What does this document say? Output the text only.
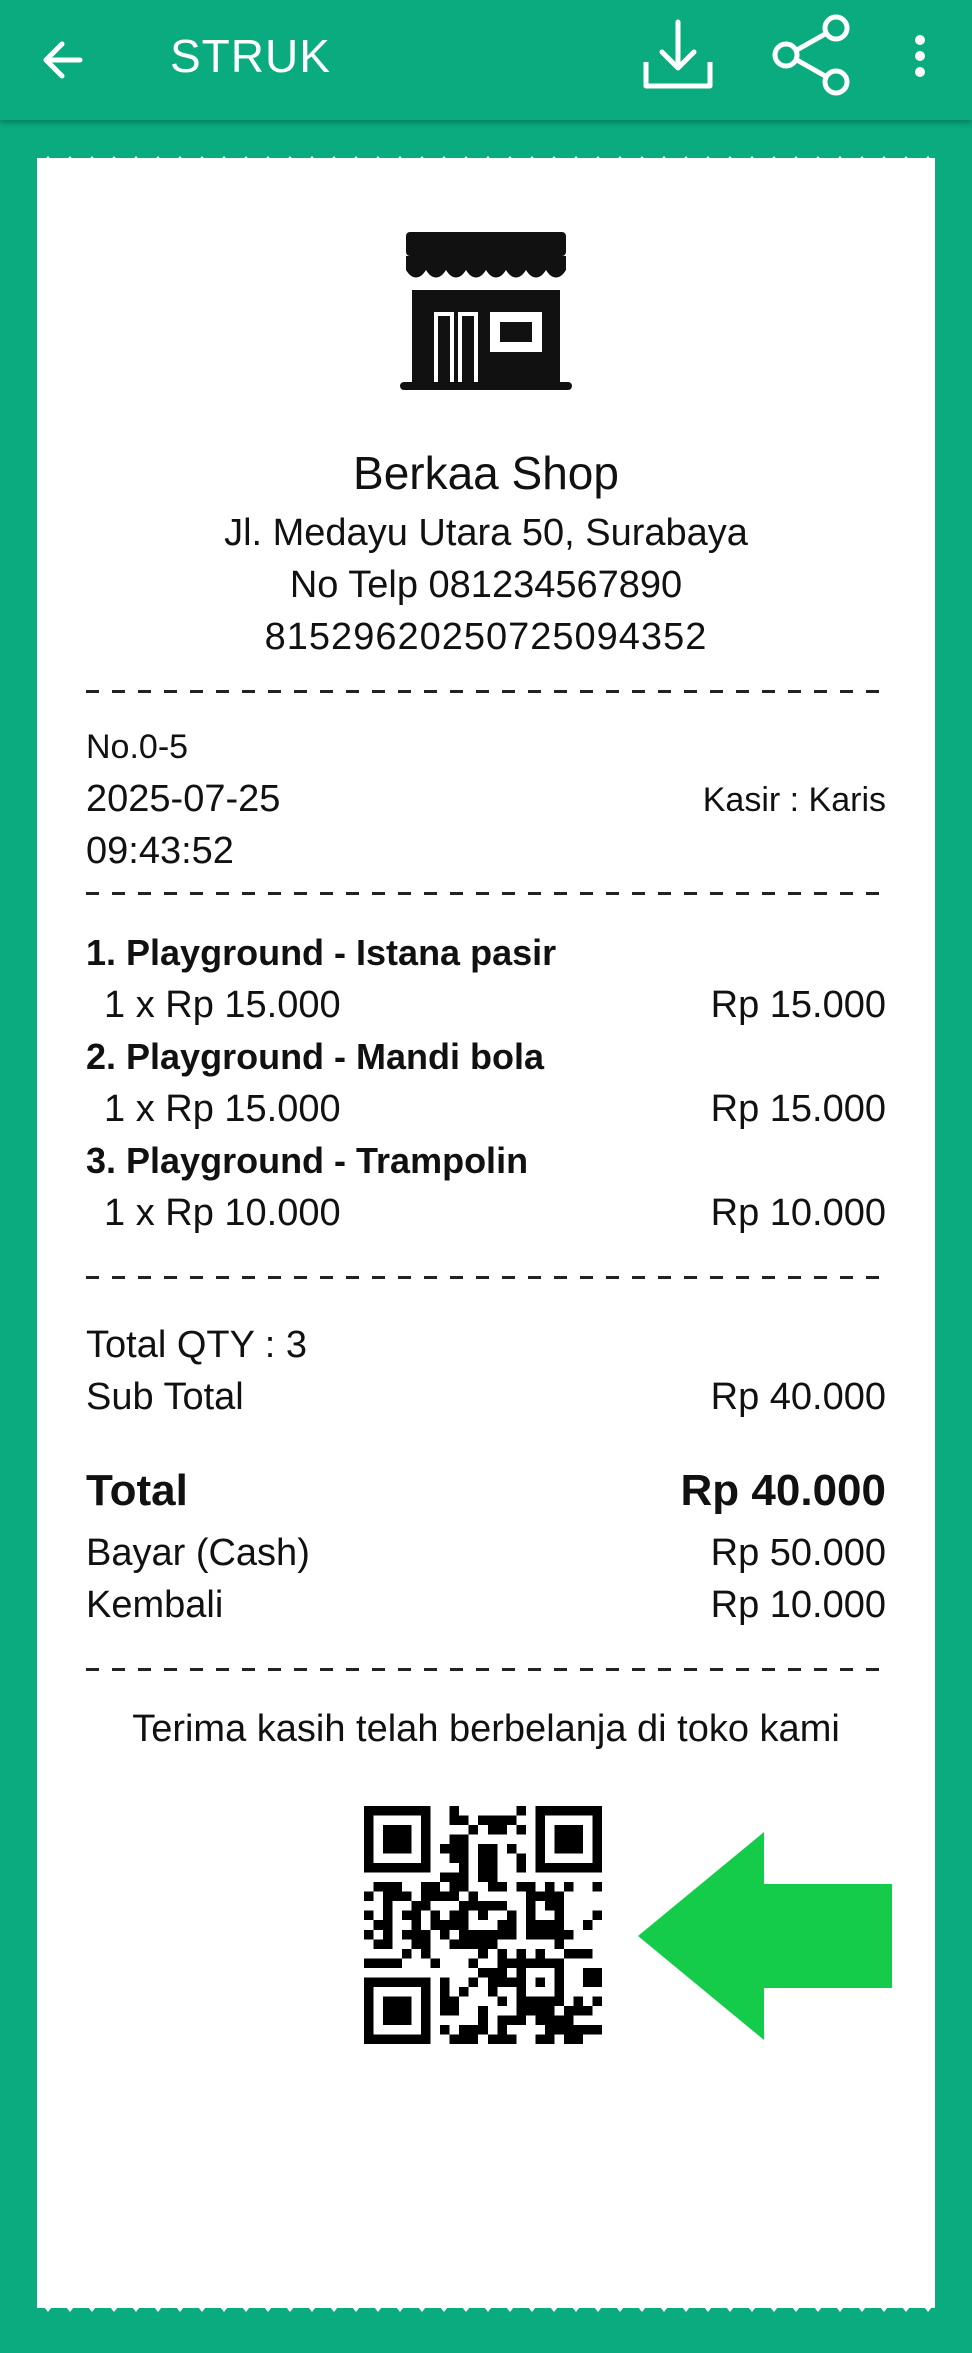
STRUK
Berkaa Shop
Jl. Medayu Utara 50, Surabaya
No Telp 081234567890
81529620250725094352
No.0-5
2025-07-25	Kasir : Karis
09:43:52
1. Playground - Istana pasir
1 x Rp 15.000	Rp 15.000
2. Playground - Mandi bola
1 x Rp 15.000	Rp 15.000
3. Playground - Trampolin
1 x Rp 10.000	Rp 10.000
Total QTY : 3
Sub Total	Rp 40.000
Total	Rp 40.000
Bayar (Cash)	Rp 50.000
Kembali	Rp 10.000
Terima kasih telah berbelanja di toko kami
